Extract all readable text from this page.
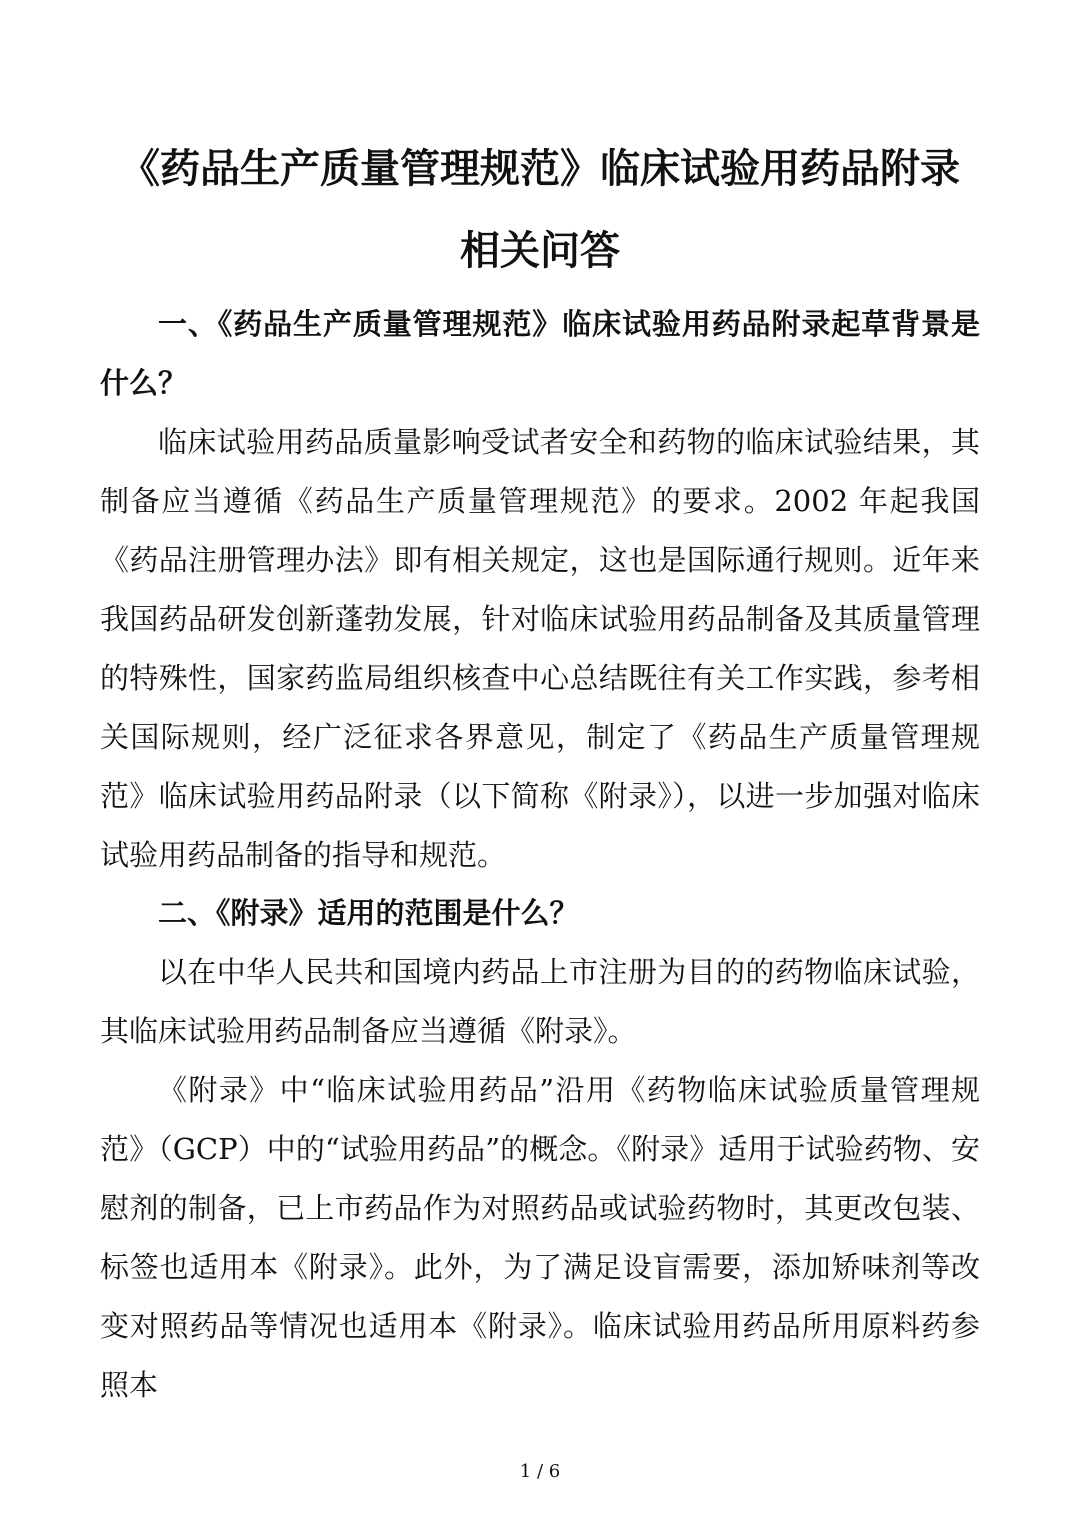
《药品生产质量管理规范》临床试验用药品附录
相关问答

一、《药品生产质量管理规范》临床试验用药品附录起草背景是什么？

临床试验用药品质量影响受试者安全和药物的临床试验结果，其制备应当遵循《药品生产质量管理规范》的要求。2002 年起我国《药品注册管理办法》即有相关规定，这也是国际通行规则。近年来我国药品研发创新蓬勃发展，针对临床试验用药品制备及其质量管理的特殊性，国家药监局组织核查中心总结既往有关工作实践，参考相关国际规则，经广泛征求各界意见，制定了《药品生产质量管理规范》临床试验用药品附录（以下简称《附录》），以进一步加强对临床试验用药品制备的指导和规范。

二、《附录》适用的范围是什么？

以在中华人民共和国境内药品上市注册为目的的药物临床试验，其临床试验用药品制备应当遵循《附录》。

《附录》中“临床试验用药品”沿用《药物临床试验质量管理规范》（GCP）中的“试验用药品”的概念。《附录》适用于试验药物、安慰剂的制备，已上市药品作为对照药品或试验药物时，其更改包装、标签也适用本《附录》。此外，为了满足设盲需要，添加矫味剂等改变对照药品等情况也适用本《附录》。临床试验用药品所用原料药参照本

1 / 6
